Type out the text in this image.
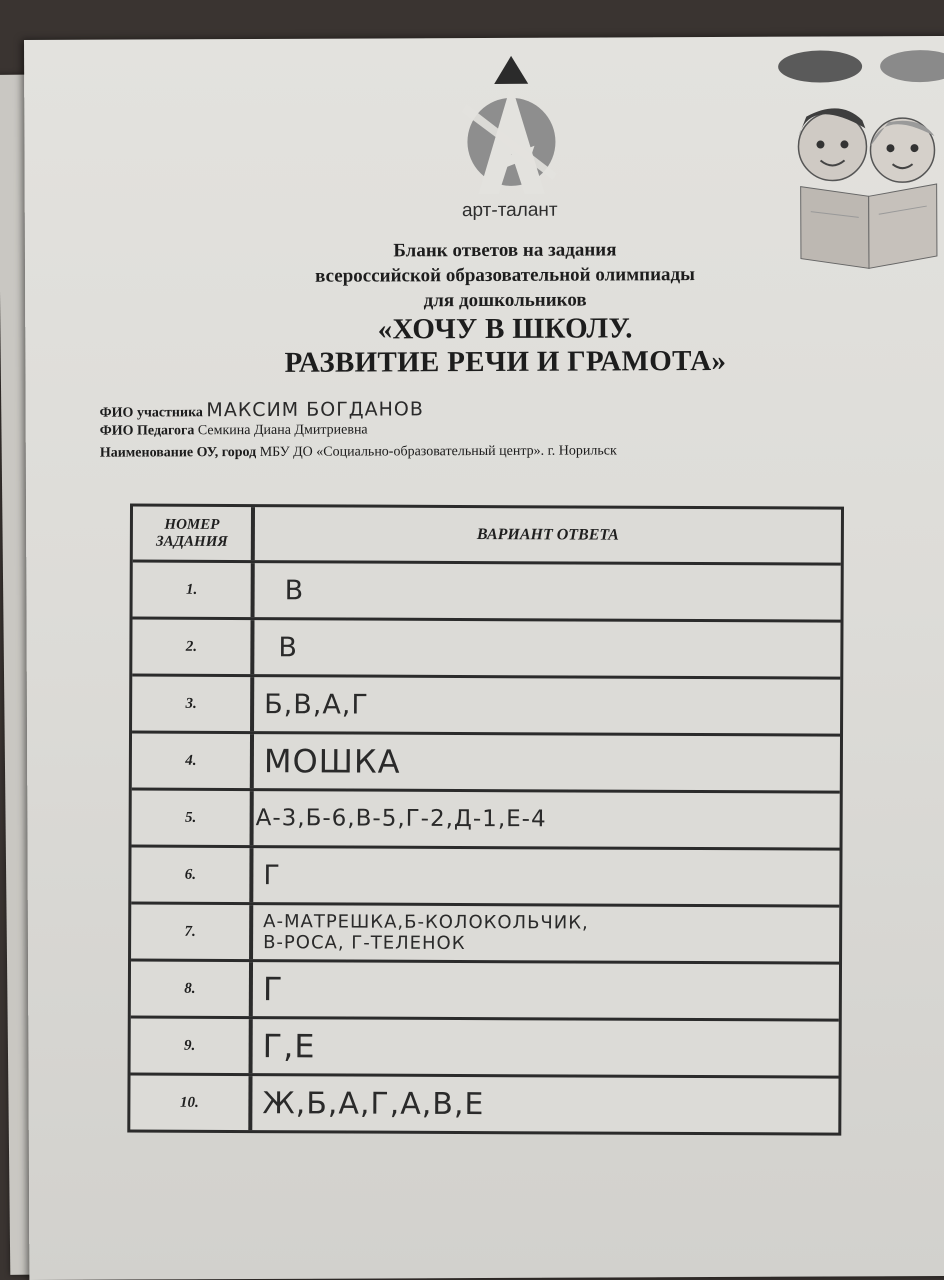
арт-талант
Бланк ответов на задания
всероссийской образовательной олимпиады
для дошкольников
«ХОЧУ В ШКОЛУ.
РАЗВИТИЕ РЕЧИ И ГРАМОТА»
ФИО участника МАКСИМ БОГДАНОВ
ФИО Педагога Семкина Диана Дмитриевна
Наименование ОУ, город МБУ ДО «Социально-образовательный центр». г. Норильск
НОМЕР ЗАДАНИЯ	ВАРИАНТ ОТВЕТА
1.	В
2.	В
3.	Б,В,А,Г
4.	МОШКА
5.	А-3,Б-6,В-5,Г-2,Д-1,Е-4
6.	Г
7.	А-МАТРЕШКА,Б-КОЛОКОЛЬЧИК,
В-РОСА, Г-ТЕЛЕНОК
8.	Г
9.	Г,Е
10.	Ж,Б,А,Г,А,В,Е
